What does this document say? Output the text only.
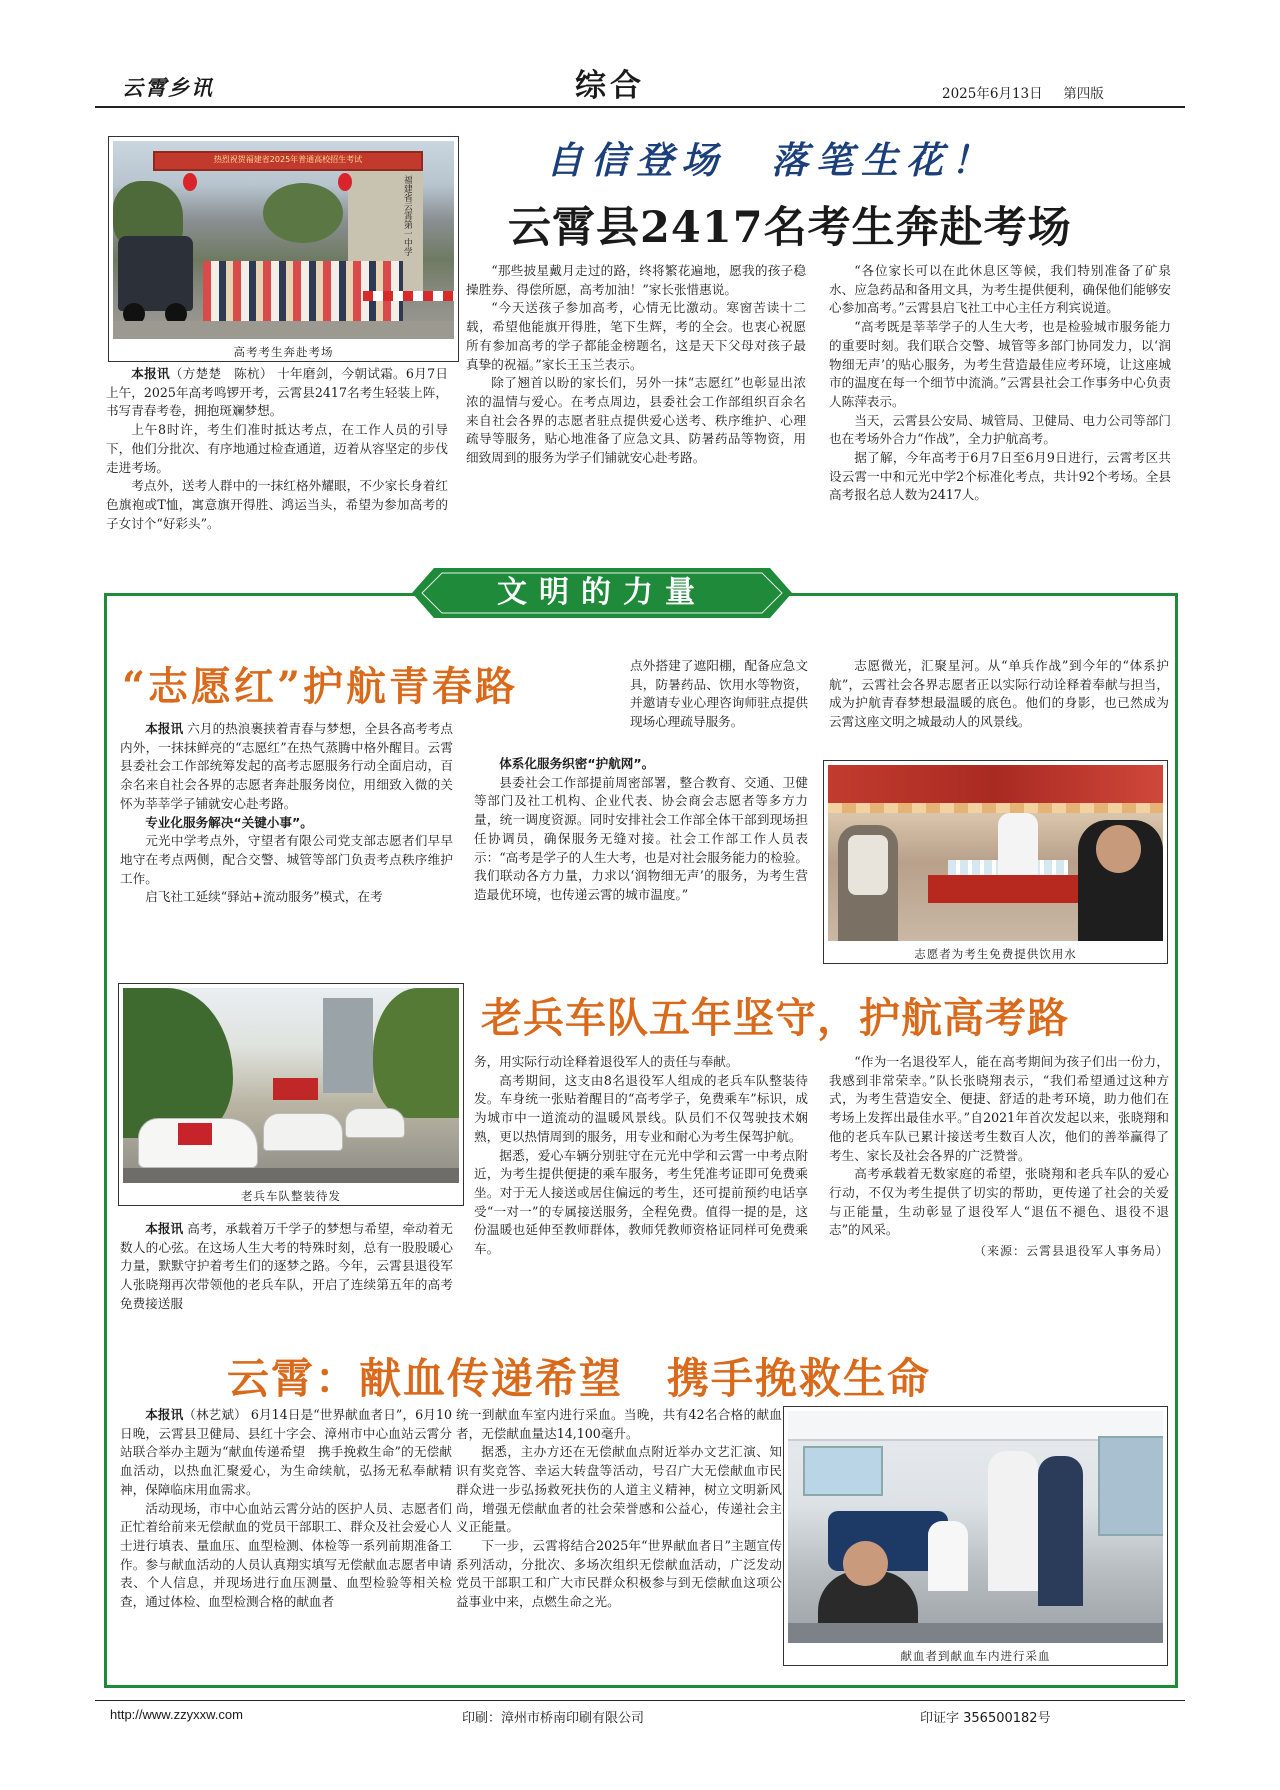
云霄乡讯	综合	2025年6月13日 第四版
热烈祝贺福建省2025年普通高校招生考试
福建省云霄第一中学
高考考生奔赴考场
自信登场　落笔生花！
云霄县2417名考生奔赴考场

本报讯（方楚楚　陈杭） 十年磨剑，今朝试霜。6月7日上午，2025年高考鸣锣开考，云霄县2417名考生轻装上阵，书写青春考卷，拥抱斑斓梦想。

上午8时许，考生们准时抵达考点，在工作人员的引导下，他们分批次、有序地通过检查通道，迈着从容坚定的步伐走进考场。

考点外，送考人群中的一抹红格外耀眼，不少家长身着红色旗袍或T恤，寓意旗开得胜、鸿运当头，希望为参加高考的子女讨个“好彩头”。

“那些披星戴月走过的路，终将繁花遍地，愿我的孩子稳操胜券、得偿所愿，高考加油！”家长张惜惠说。

“今天送孩子参加高考，心情无比激动。寒窗苦读十二载，希望他能旗开得胜，笔下生辉，考的全会。也衷心祝愿所有参加高考的学子都能金榜题名，这是天下父母对孩子最真挚的祝福。”家长王玉兰表示。

除了翘首以盼的家长们，另外一抹“志愿红”也彰显出浓浓的温情与爱心。在考点周边，县委社会工作部组织百余名来自社会各界的志愿者驻点提供爱心送考、秩序维护、心理疏导等服务，贴心地准备了应急文具、防暑药品等物资，用细致周到的服务为学子们铺就安心赴考路。

“各位家长可以在此休息区等候，我们特别准备了矿泉水、应急药品和备用文具，为考生提供便利，确保他们能够安心参加高考。”云霄县启飞社工中心主任方利宾说道。

“高考既是莘莘学子的人生大考，也是检验城市服务能力的重要时刻。我们联合交警、城管等多部门协同发力，以‘润物细无声’的贴心服务，为考生营造最佳应考环境，让这座城市的温度在每一个细节中流淌。”云霄县社会工作事务中心负责人陈萍表示。

当天，云霄县公安局、城管局、卫健局、电力公司等部门也在考场外合力“作战”，全力护航高考。

据了解，今年高考于6月7日至6月9日进行，云霄考区共设云霄一中和元光中学2个标准化考点，共计92个考场。全县高考报名总人数为2417人。

文明的力量
“志愿红”护航青春路

本报讯 六月的热浪裹挟着青春与梦想，全县各高考考点内外，一抹抹鲜亮的“志愿红”在热气蒸腾中格外醒目。云霄县委社会工作部统筹发起的高考志愿服务行动全面启动，百余名来自社会各界的志愿者奔赴服务岗位，用细致入微的关怀为莘莘学子铺就安心赴考路。

专业化服务解决“关键小事”。

元光中学考点外，守望者有限公司党支部志愿者们早早地守在考点两侧，配合交警、城管等部门负责考点秩序维护工作。

启飞社工延续“驿站+流动服务”模式，在考

点外搭建了遮阳棚，配备应急文具，防暑药品、饮用水等物资，并邀请专业心理咨询师驻点提供现场心理疏导服务。

体系化服务织密“护航网”。

县委社会工作部提前周密部署，整合教育、交通、卫健等部门及社工机构、企业代表、协会商会志愿者等多方力量，统一调度资源。同时安排社会工作部全体干部到现场担任协调员，确保服务无缝对接。社会工作部工作人员表示：“高考是学子的人生大考，也是对社会服务能力的检验。我们联动各方力量，力求以‘润物细无声’的服务，为考生营造最优环境，也传递云霄的城市温度。”

志愿微光，汇聚星河。从“单兵作战”到今年的“体系护航”，云霄社会各界志愿者正以实际行动诠释着奉献与担当，成为护航青春梦想最温暖的底色。他们的身影，也已然成为云霄这座文明之城最动人的风景线。

志愿者为考生免费提供饮用水
老兵车队整装待发
老兵车队五年坚守，护航高考路

本报讯 高考，承载着万千学子的梦想与希望，牵动着无数人的心弦。在这场人生大考的特殊时刻，总有一股股暖心力量，默默守护着考生们的逐梦之路。今年，云霄县退役军人张晓翔再次带领他的老兵车队，开启了连续第五年的高考免费接送服

务，用实际行动诠释着退役军人的责任与奉献。

高考期间，这支由8名退役军人组成的老兵车队整装待发。车身统一张贴着醒目的“高考学子，免费乘车”标识，成为城市中一道流动的温暖风景线。队员们不仅驾驶技术娴熟，更以热情周到的服务，用专业和耐心为考生保驾护航。

据悉，爱心车辆分别驻守在元光中学和云霄一中考点附近，为考生提供便捷的乘车服务，考生凭准考证即可免费乘坐。对于无人接送或居住偏远的考生，还可提前预约电话享受“一对一”的专属接送服务，全程免费。值得一提的是，这份温暖也延伸至教师群体，教师凭教师资格证同样可免费乘车。

“作为一名退役军人，能在高考期间为孩子们出一份力，我感到非常荣幸。”队长张晓翔表示，“我们希望通过这种方式，为考生营造安全、便捷、舒适的赴考环境，助力他们在考场上发挥出最佳水平。”自2021年首次发起以来，张晓翔和他的老兵车队已累计接送考生数百人次，他们的善举赢得了考生、家长及社会各界的广泛赞誉。

高考承载着无数家庭的希望，张晓翔和老兵车队的爱心行动，不仅为考生提供了切实的帮助，更传递了社会的关爱与正能量，生动彰显了退役军人“退伍不褪色、退役不退志”的风采。

（来源：云霄县退役军人事务局）

云霄：献血传递希望　携手挽救生命

本报讯（林艺斌） 6月14日是“世界献血者日”，6月10日晚，云霄县卫健局、县红十字会、漳州市中心血站云霄分站联合举办主题为“献血传递希望　携手挽救生命”的无偿献血活动，以热血汇聚爱心，为生命续航，弘扬无私奉献精神，保障临床用血需求。

活动现场，市中心血站云霄分站的医护人员、志愿者们正忙着给前来无偿献血的党员干部职工、群众及社会爱心人士进行填表、量血压、血型检测、体检等一系列前期准备工作。参与献血活动的人员认真翔实填写无偿献血志愿者申请表、个人信息，并现场进行血压测量、血型检验等相关检查，通过体检、血型检测合格的献血者

统一到献血车室内进行采血。当晚，共有42名合格的献血者，无偿献血量达14,100毫升。

据悉，主办方还在无偿献血点附近举办文艺汇演、知识有奖竞答、幸运大转盘等活动，号召广大无偿献血市民群众进一步弘扬救死扶伤的人道主义精神，树立文明新风尚，增强无偿献血者的社会荣誉感和公益心，传递社会主义正能量。

下一步，云霄将结合2025年“世界献血者日”主题宣传系列活动，分批次、多场次组织无偿献血活动，广泛发动党员干部职工和广大市民群众积极参与到无偿献血这项公益事业中来，点燃生命之光。

献血者到献血车内进行采血
http://www.zzyxxw.com	印刷：漳州市桥南印刷有限公司	印证字 356500182号
